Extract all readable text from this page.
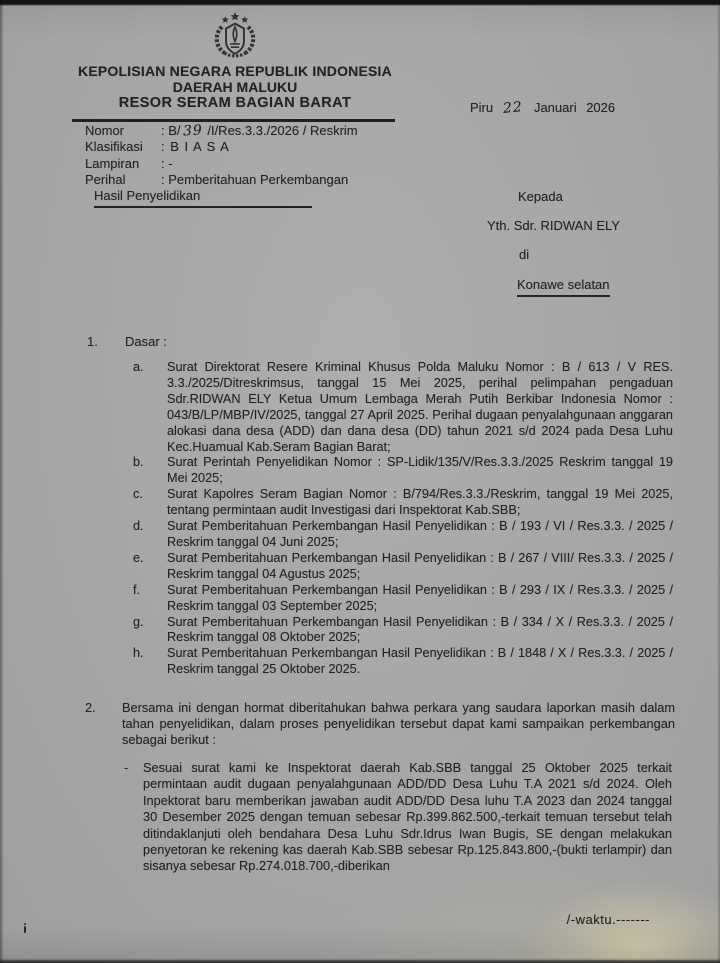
KEPOLISIAN NEGARA REPUBLIK INDONESIA
DAERAH MALUKU
RESOR SERAM BAGIAN BARAT	Piru 22 Januari 2026
Nomor	: B/ 39 /I/Res.3.3./2026 / Reskrim
Klasifikasi	: B I A S A
Lampiran	: -
Perihal	: Pemberitahuan Perkembangan
Hasil Penyelidikan	Kepada
Yth. Sdr. RIDWAN ELY
di
Konawe selatan
1. Dasar :
a.	Surat Direktorat Resere Kriminal Khusus Polda Maluku Nomor : B / 613 / V RES. 3.3./2025/Ditreskrimsus, tanggal 15 Mei 2025, perihal pelimpahan pengaduan Sdr.RIDWAN ELY Ketua Umum Lembaga Merah Putih Berkibar Indonesia Nomor : 043/B/LP/MBP/IV/2025, tanggal 27 April 2025. Perihal dugaan penyalahgunaan anggaran alokasi dana desa (ADD) dan dana desa (DD) tahun 2021 s/d 2024 pada Desa Luhu Kec.Huamual Kab.Seram Bagian Barat;
b.	Surat Perintah Penyelidikan Nomor : SP-Lidik/135/V/Res.3.3./2025 Reskrim tanggal 19 Mei 2025;
c.	Surat Kapolres Seram Bagian Nomor : B/794/Res.3.3./Reskrim, tanggal 19 Mei 2025, tentang permintaan audit Investigasi dari Inspektorat Kab.SBB;
d.	Surat Pemberitahuan Perkembangan Hasil Penyelidikan : B / 193 / VI / Res.3.3. / 2025 / Reskrim tanggal 04 Juni 2025;
e.	Surat Pemberitahuan Perkembangan Hasil Penyelidikan : B / 267 / VIII/ Res.3.3. / 2025 / Reskrim tanggal 04 Agustus 2025;
f.	Surat Pemberitahuan Perkembangan Hasil Penyelidikan : B / 293 / IX / Res.3.3. / 2025 / Reskrim tanggal 03 September 2025;
g.	Surat Pemberitahuan Perkembangan Hasil Penyelidikan : B / 334 / X / Res.3.3. / 2025 / Reskrim tanggal 08 Oktober 2025;
h.	Surat Pemberitahuan Perkembangan Hasil Penyelidikan : B / 1848 / X / Res.3.3. / 2025 / Reskrim tanggal 25 Oktober 2025.
2.	Bersama ini dengan hormat diberitahukan bahwa perkara yang saudara laporkan masih dalam tahan penyelidikan, dalam proses penyelidikan tersebut dapat kami sampaikan perkembangan sebagai berikut :
-	Sesuai surat kami ke Inspektorat daerah Kab.SBB tanggal 25 Oktober 2025 terkait permintaan audit dugaan penyalahgunaan ADD/DD Desa Luhu T.A 2021 s/d 2024. Oleh Inpektorat baru memberikan jawaban audit ADD/DD Desa luhu T.A 2023 dan 2024 tanggal 30 Desember 2025 dengan temuan sebesar Rp.399.862.500,-terkait temuan tersebut telah ditindaklanjuti oleh bendahara Desa Luhu Sdr.Idrus Iwan Bugis, SE dengan melakukan penyetoran ke rekening kas daerah Kab.SBB sebesar Rp.125.843.800,-(bukti terlampir) dan sisanya sebesar Rp.274.018.700,-diberikan
/-waktu.-------
